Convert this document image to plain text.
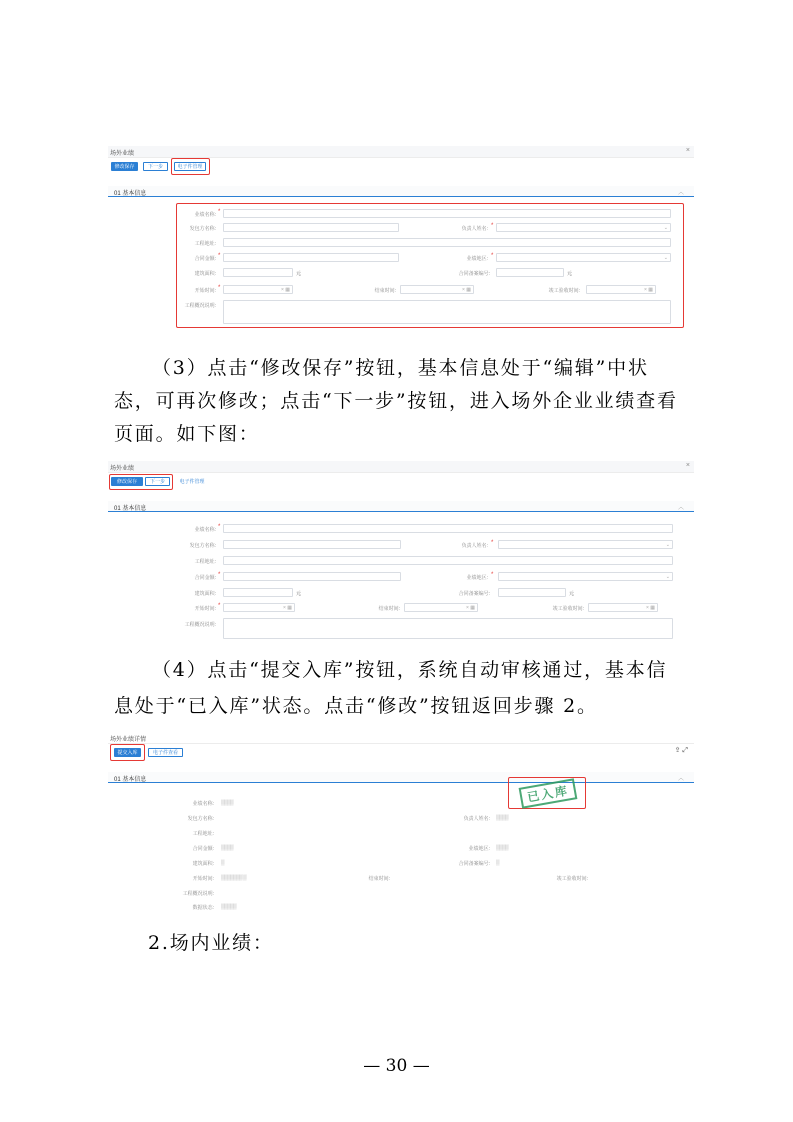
场外业绩	×
修改保存	下一步	电子件管理
01 基本信息	︿
业绩名称: *
发包方名称:	负责人姓名: *	⌄
工程地址:
合同金额: *	业绩地区: *	⌄
建筑面积:	元	合同备案编号:	元
开始时间: *	× ▦	结束时间:	× ▦	竣工验收时间:	× ▦
工程概况说明:
（3）点击“修改保存”按钮，基本信息处于“编辑”中状
态，可再次修改；点击“下一步”按钮，进入场外企业业绩查看
页面。如下图：
场外业绩	×
修改保存	下一步	电子件管理
01 基本信息	︿
业绩名称: *
发包方名称:	负责人姓名: *	⌄
工程地址:
合同金额: *	业绩地区: *	⌄
建筑面积:	元	合同备案编号:	元
开始时间: *	× ▦	结束时间:	× ▦	竣工验收时间:	× ▦
工程概况说明:
（4）点击“提交入库”按钮，系统自动审核通过，基本信
息处于“已入库”状态。点击“修改”按钮返回步骤 2。
场外业绩详情
提交入库	电子件查看	⇪ ⤢
01 基本信息	︿
已入库
业绩名称: ▒▒▒▒
发包方名称:	负责人姓名: ▒▒▒▒
工程地址:
合同金额: ▒▒▒▒	业绩地区: ▒▒▒▒
建筑面积: ▒	合同备案编号: ▒
开始时间: ▒▒▒▒▒▒▒ ▒	结束时间:	竣工验收时间:
工程概况说明:
数据状态: ▒▒▒▒▒
2.场内业绩：
— 30 —
